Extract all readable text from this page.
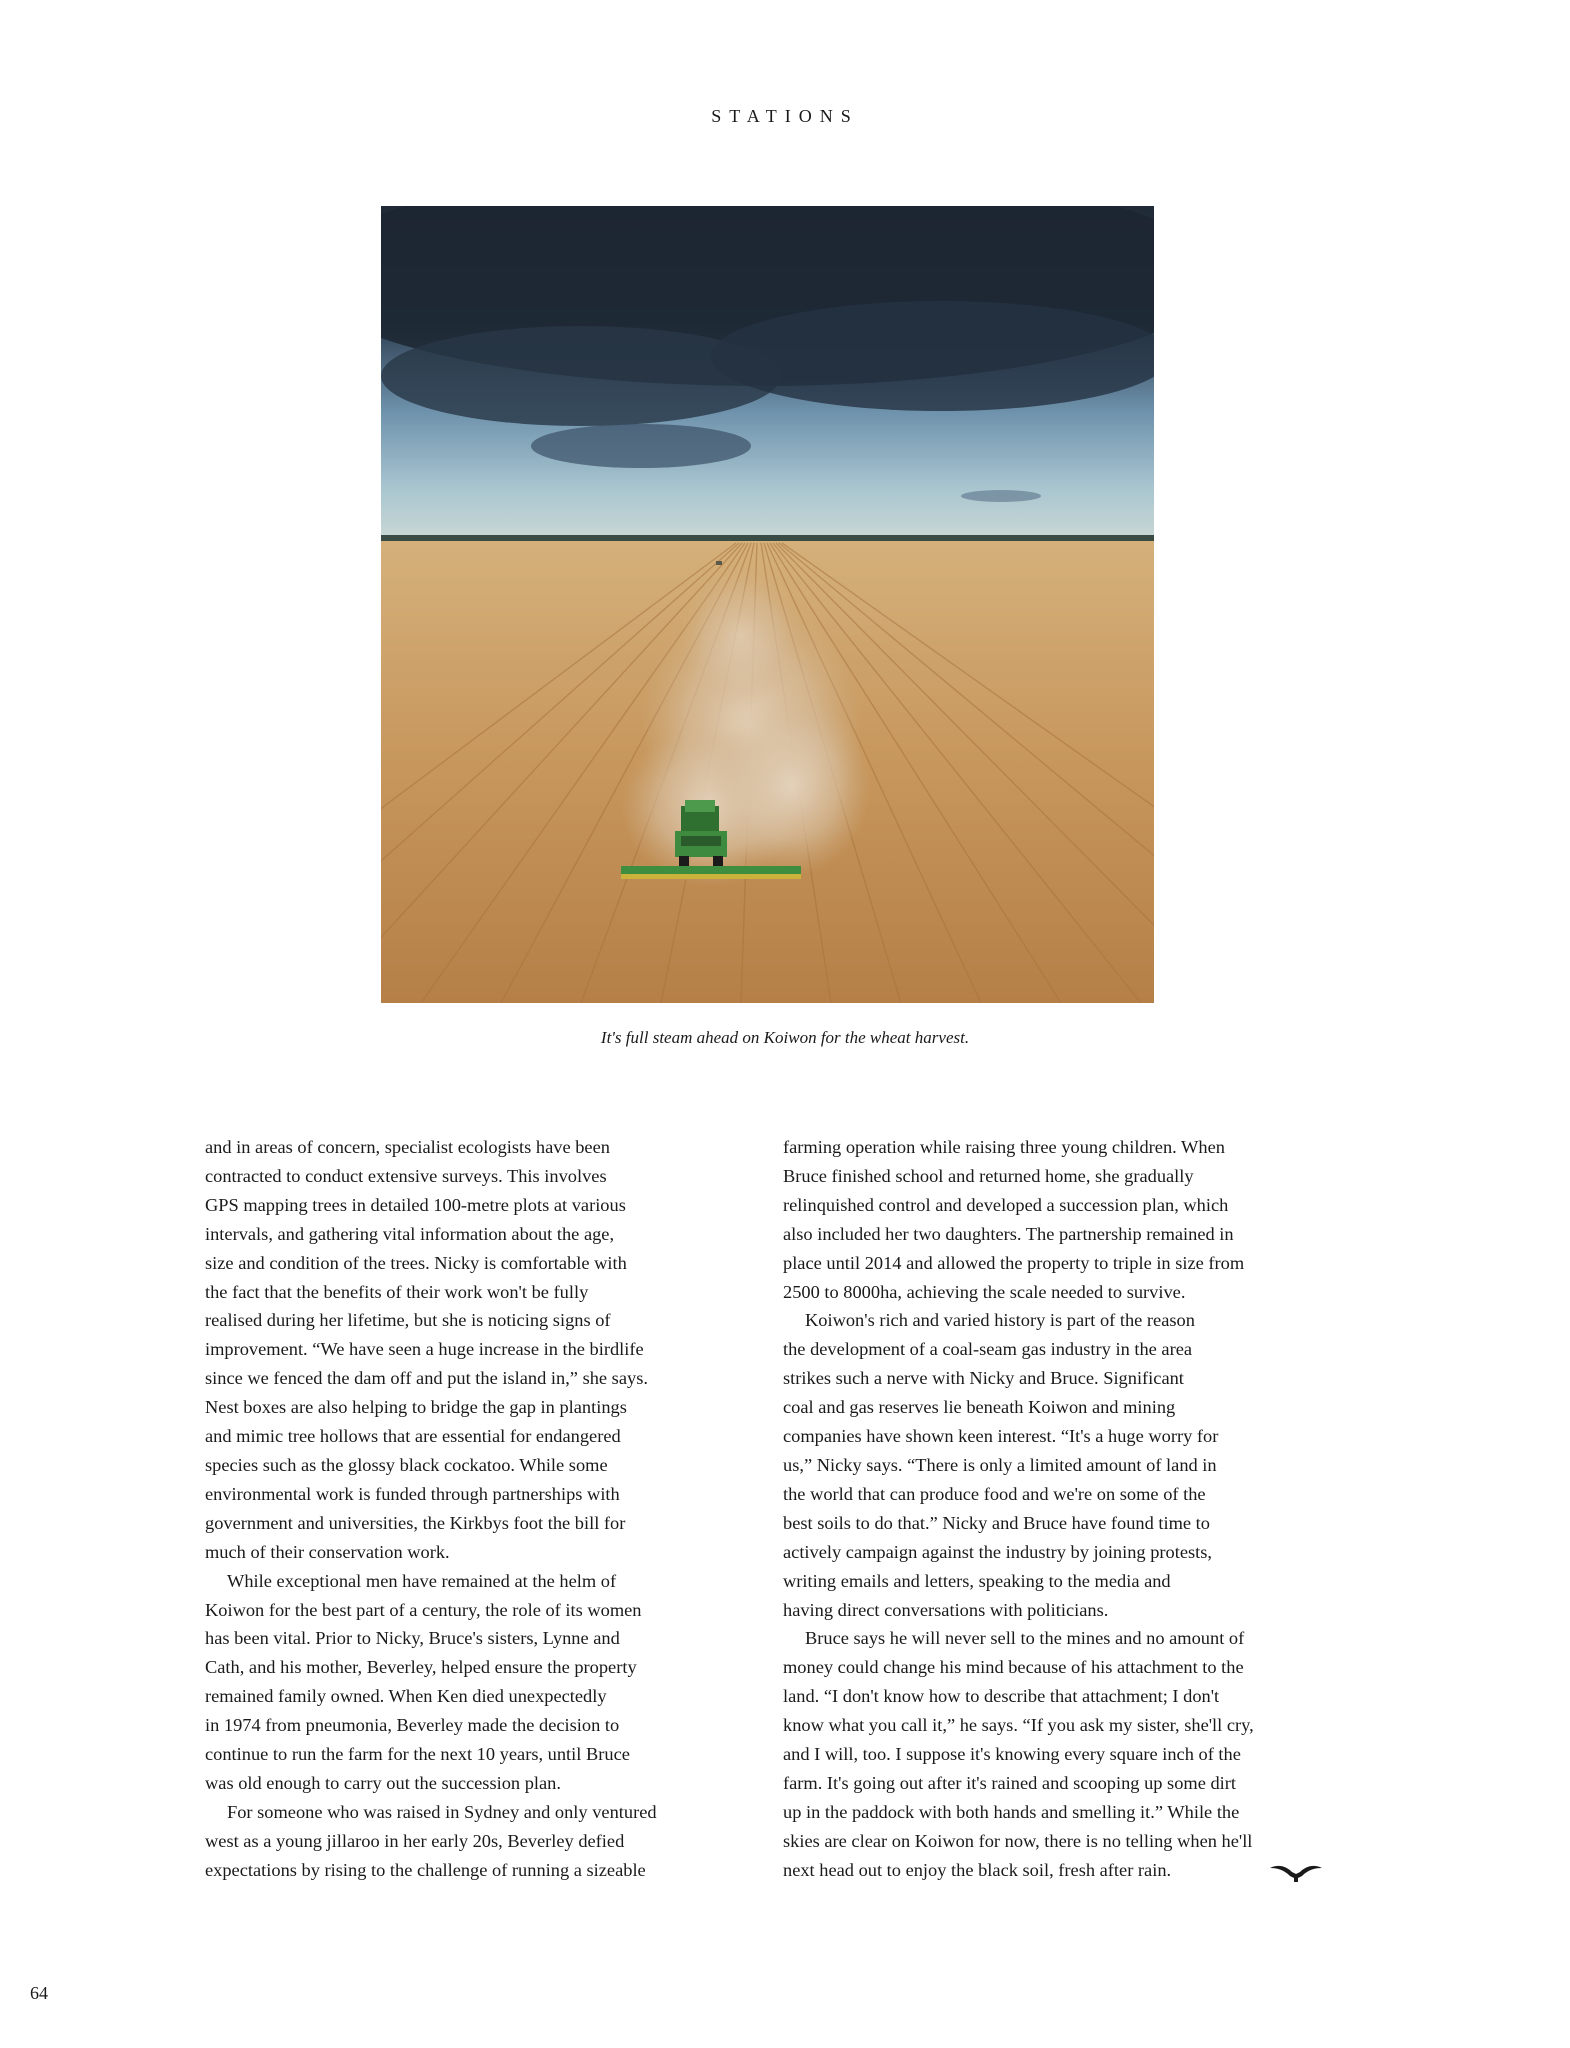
STATIONS
It's full steam ahead on Koiwon for the wheat harvest.
and in areas of concern, specialist ecologists have been
contracted to conduct extensive surveys. This involves
GPS mapping trees in detailed 100-metre plots at various
intervals, and gathering vital information about the age,
size and condition of the trees. Nicky is comfortable with
the fact that the benefits of their work won't be fully
realised during her lifetime, but she is noticing signs of
improvement. “We have seen a huge increase in the birdlife
since we fenced the dam off and put the island in,” she says.
Nest boxes are also helping to bridge the gap in plantings
and mimic tree hollows that are essential for endangered
species such as the glossy black cockatoo. While some
environmental work is funded through partnerships with
government and universities, the Kirkbys foot the bill for
much of their conservation work.
While exceptional men have remained at the helm of
Koiwon for the best part of a century, the role of its women
has been vital. Prior to Nicky, Bruce's sisters, Lynne and
Cath, and his mother, Beverley, helped ensure the property
remained family owned. When Ken died unexpectedly
in 1974 from pneumonia, Beverley made the decision to
continue to run the farm for the next 10 years, until Bruce
was old enough to carry out the succession plan.
For someone who was raised in Sydney and only ventured
west as a young jillaroo in her early 20s, Beverley defied
expectations by rising to the challenge of running a sizeable
farming operation while raising three young children. When
Bruce finished school and returned home, she gradually
relinquished control and developed a succession plan, which
also included her two daughters. The partnership remained in
place until 2014 and allowed the property to triple in size from
2500 to 8000ha, achieving the scale needed to survive.
Koiwon's rich and varied history is part of the reason
the development of a coal-seam gas industry in the area
strikes such a nerve with Nicky and Bruce. Significant
coal and gas reserves lie beneath Koiwon and mining
companies have shown keen interest. “It's a huge worry for
us,” Nicky says. “There is only a limited amount of land in
the world that can produce food and we're on some of the
best soils to do that.” Nicky and Bruce have found time to
actively campaign against the industry by joining protests,
writing emails and letters, speaking to the media and
having direct conversations with politicians.
Bruce says he will never sell to the mines and no amount of
money could change his mind because of his attachment to the
land. “I don't know how to describe that attachment; I don't
know what you call it,” he says. “If you ask my sister, she'll cry,
and I will, too. I suppose it's knowing every square inch of the
farm. It's going out after it's rained and scooping up some dirt
up in the paddock with both hands and smelling it.” While the
skies are clear on Koiwon for now, there is no telling when he'll
next head out to enjoy the black soil, fresh after rain.
64
